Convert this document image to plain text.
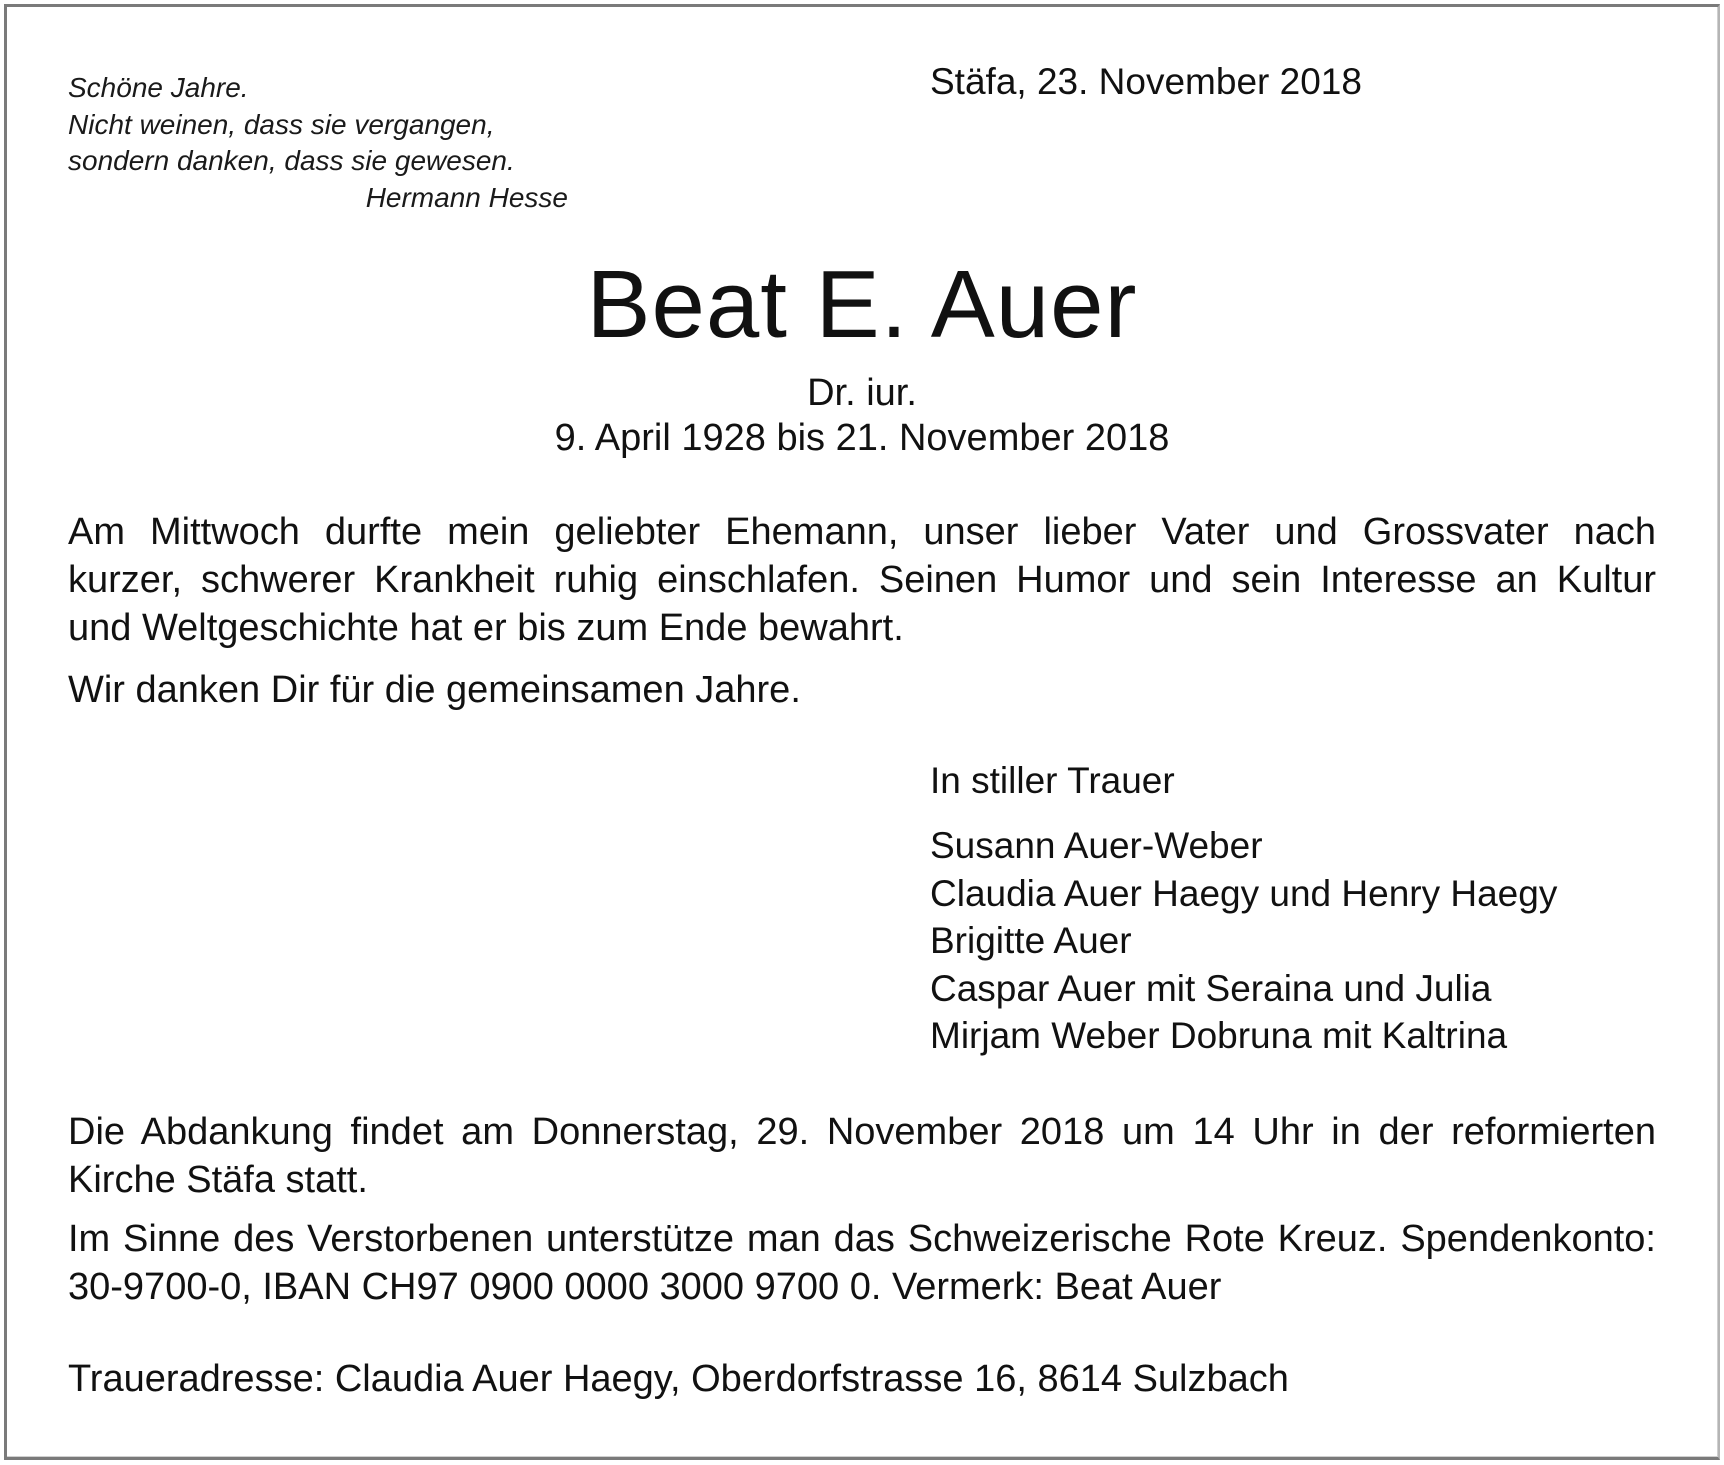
Schöne Jahre.
Nicht weinen, dass sie vergangen,
sondern danken, dass sie gewesen.
Hermann Hesse
Stäfa, 23. November 2018
Beat E. Auer
Dr. iur.
9. April 1928 bis 21. November 2018
Am Mittwoch durfte mein geliebter Ehemann, unser lieber Vater und Grossvater nach
kurzer, schwerer Krankheit ruhig einschlafen. Seinen Humor und sein Interesse an Kultur
und Weltgeschichte hat er bis zum Ende bewahrt.
Wir danken Dir für die gemeinsamen Jahre.
In stiller Trauer
Susann Auer-Weber
Claudia Auer Haegy und Henry Haegy
Brigitte Auer
Caspar Auer mit Seraina und Julia
Mirjam Weber Dobruna mit Kaltrina
Die Abdankung findet am Donnerstag, 29. November 2018 um 14 Uhr in der reformierten
Kirche Stäfa statt.
Im Sinne des Verstorbenen unterstütze man das Schweizerische Rote Kreuz. Spendenkonto:
30-9700-0, IBAN CH97 0900 0000 3000 9700 0. Vermerk: Beat Auer
Traueradresse: Claudia Auer Haegy, Oberdorfstrasse 16, 8614 Sulzbach
